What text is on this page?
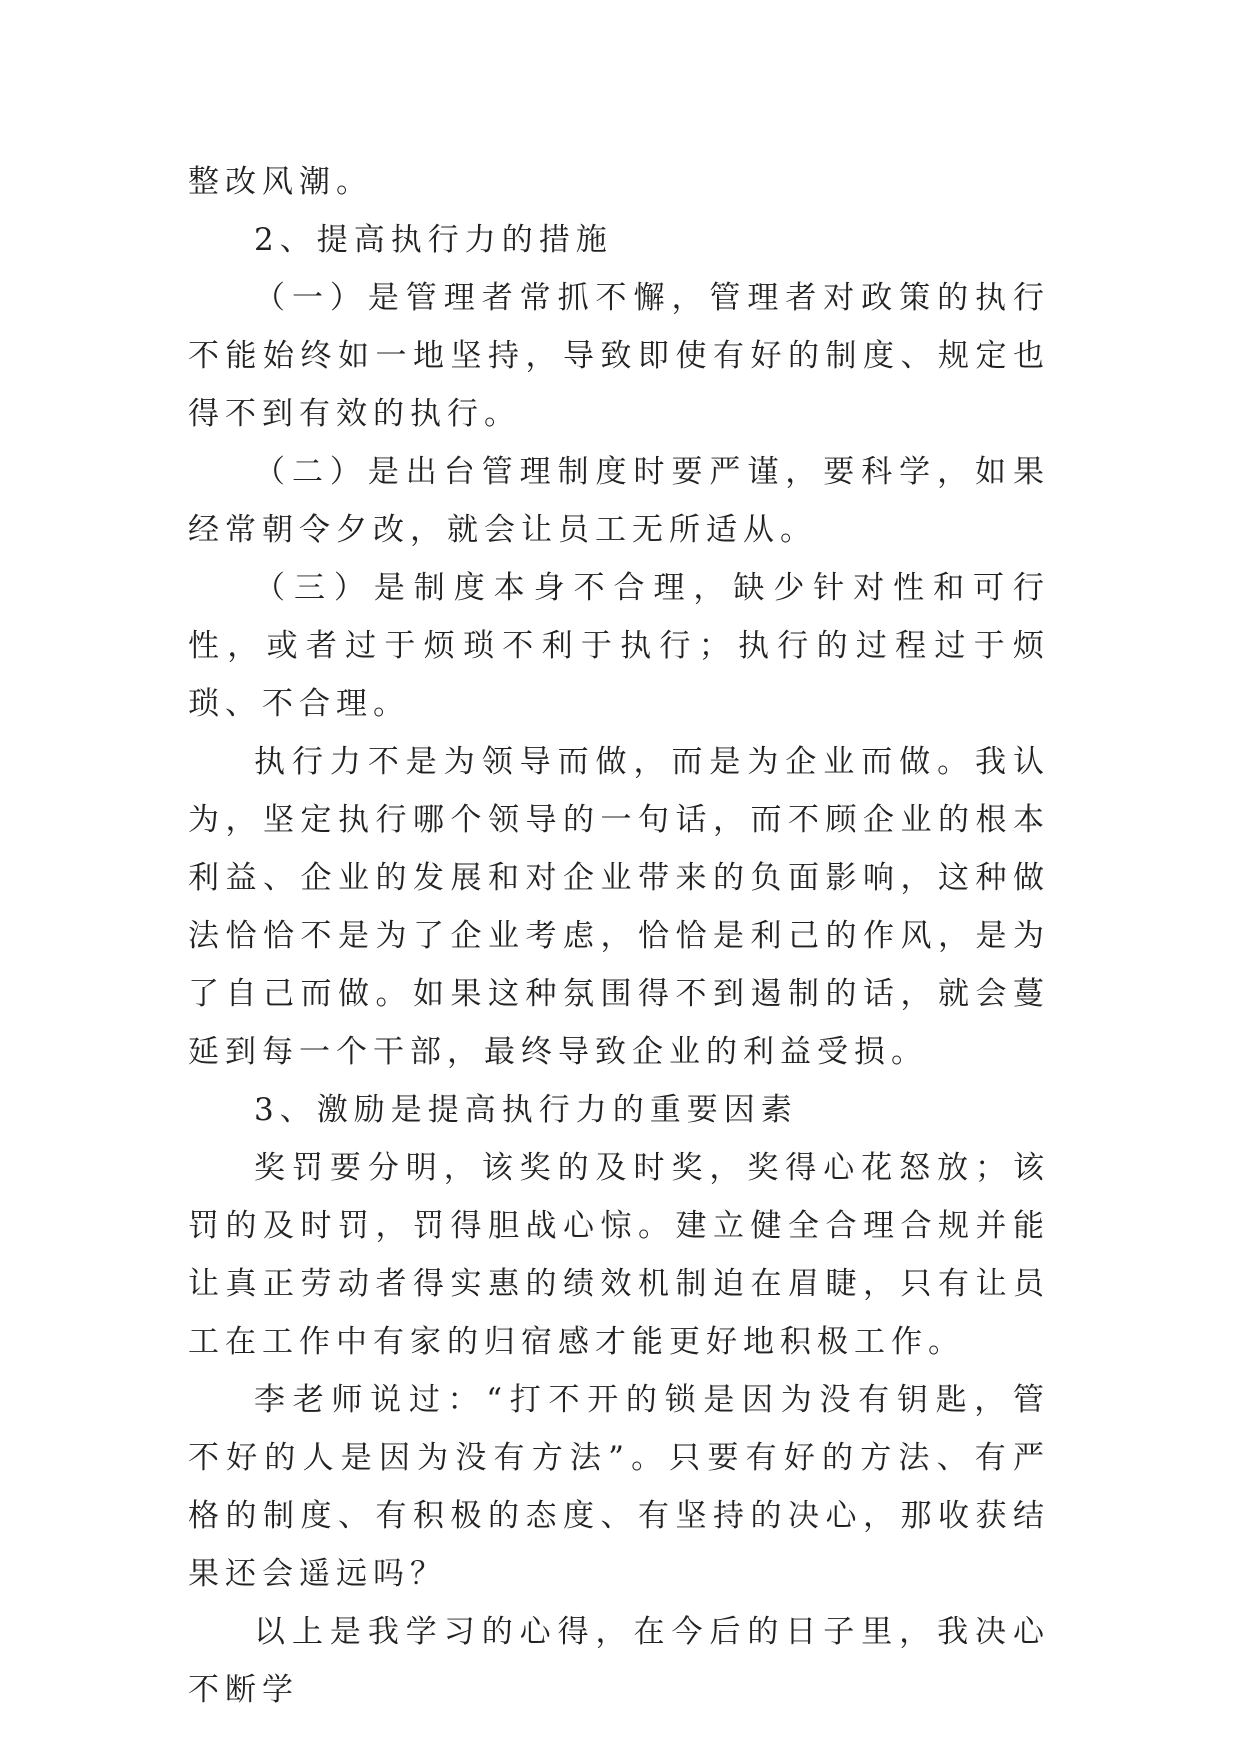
整改风潮。

2、提高执行力的措施

（一）是管理者常抓不懈，管理者对政策的执行不能始终如一地坚持，导致即使有好的制度、规定也得不到有效的执行。

（二）是出台管理制度时要严谨，要科学，如果经常朝令夕改，就会让员工无所适从。

（三）是制度本身不合理，缺少针对性和可行性，或者过于烦琐不利于执行；执行的过程过于烦琐、不合理。

执行力不是为领导而做，而是为企业而做。我认为，坚定执行哪个领导的一句话，而不顾企业的根本利益、企业的发展和对企业带来的负面影响，这种做法恰恰不是为了企业考虑，恰恰是利己的作风，是为了自己而做。如果这种氛围得不到遏制的话，就会蔓延到每一个干部，最终导致企业的利益受损。

3、激励是提高执行力的重要因素

奖罚要分明，该奖的及时奖，奖得心花怒放；该罚的及时罚，罚得胆战心惊。建立健全合理合规并能让真正劳动者得实惠的绩效机制迫在眉睫，只有让员工在工作中有家的归宿感才能更好地积极工作。

李老师说过：“打不开的锁是因为没有钥匙，管不好的人是因为没有方法”。只要有好的方法、有严格的制度、有积极的态度、有坚持的决心，那收获结果还会遥远吗？

以上是我学习的心得，在今后的日子里，我决心不断学
